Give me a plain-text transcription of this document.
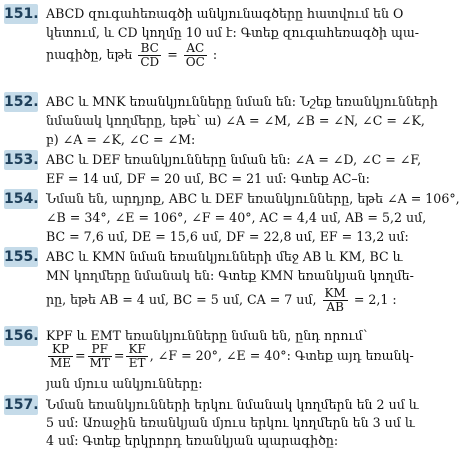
151. ABCD զուգահեռագծի անկյունագծերը հատվում են O
կետում, և CD կողմը 10 սմ է: Գտեք զուգահեռագծի պա-
րագիծը, եթե $\frac{BC}{CD} = \frac{AC}{OC}$ :
152. ABC և MNK եռանկյունները նման են: Նշեք եռանկյունների
նմանակ կողմերը, եթե՝ ա) ∠A = ∠M, ∠B = ∠N, ∠C = ∠K,
բ) ∠A = ∠K, ∠C = ∠M:
153. ABC և DEF եռանկյունները նման են: ∠A = ∠D, ∠C = ∠F,
EF = 14 սմ, DF = 20 սմ, BC = 21 սմ: Գտեք AC–ն:
154. Նման են, արդյոք, ABC և DEF եռանկյունները, եթե ∠A = 106°,
∠B = 34°, ∠E = 106°, ∠F = 40°, AC = 4,4 սմ, AB = 5,2 սմ,
BC = 7,6 սմ, DE = 15,6 սմ, DF = 22,8 սմ, EF = 13,2 սմ:
155. ABC և KMN նման եռանկյունների մեջ AB և KM, BC և
MN կողմերը նմանակ են: Գտեք KMN եռանկյան կողմե-
րը, եթե AB = 4 սմ, BC = 5 սմ, CA = 7 սմ, $\frac{KM}{AB} = 2,1$ :
156. KPF և EMT եռանկյունները նման են, ընդ որում՝
$\frac{KP}{ME} = \frac{PF}{MT} = \frac{KF}{ET}$ , ∠F = 20°, ∠E = 40°: Գտեք այդ եռանկ-
յան մյուս անկյունները:
157. Նման եռանկյունների երկու նմանակ կողմերն են 2 սմ և
5 սմ: Առաջին եռանկյան մյուս երկու կողմերն են 3 սմ և
4 սմ: Գտեք երկրորդ եռանկյան պարագիծը:
